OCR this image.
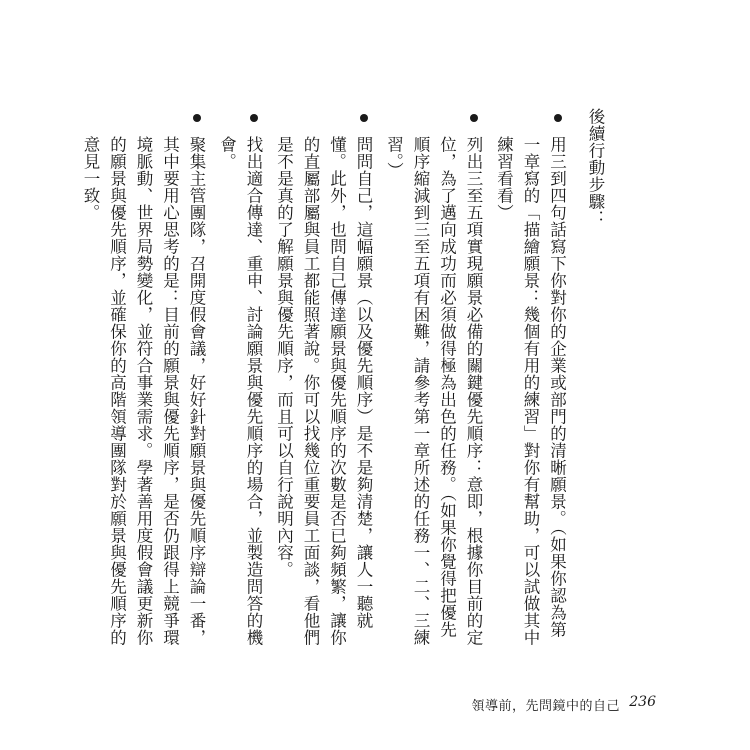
後續行動步驟：
用三到四句話寫下你對你的企業或部門的清晰願景。（如果你認為第一章寫的「描繪願景：幾個有用的練習」對你有幫助，可以試做其中練習看看）
列出三至五項實現願景必備的關鍵優先順序：意即，根據你目前的定位，為了邁向成功而必須做得極為出色的任務。（如果你覺得把優先順序縮減到三至五項有困難，請參考第一章所述的任務一、二、三練習。）
問問自己，這幅願景（以及優先順序）是不是夠清楚，讓人一聽就懂。此外，也問自己傳達願景與優先順序的次數是否已夠頻繁，讓你的直屬部屬與員工都能照著說。你可以找幾位重要員工面談，看他們是不是真的了解願景與優先順序，而且可以自行說明內容。
找出適合傳達、重申、討論願景與優先順序的場合，並製造問答的機會。
聚集主管團隊，召開度假會議，好好針對願景與優先順序辯論一番，其中要用心思考的是：目前的願景與優先順序，是否仍跟得上競爭環境脈動、世界局勢變化，並符合事業需求。學著善用度假會議更新你的願景與優先順序，並確保你的高階領導團隊對於願景與優先順序的意見一致。
領導前，先問鏡中的自己 236
